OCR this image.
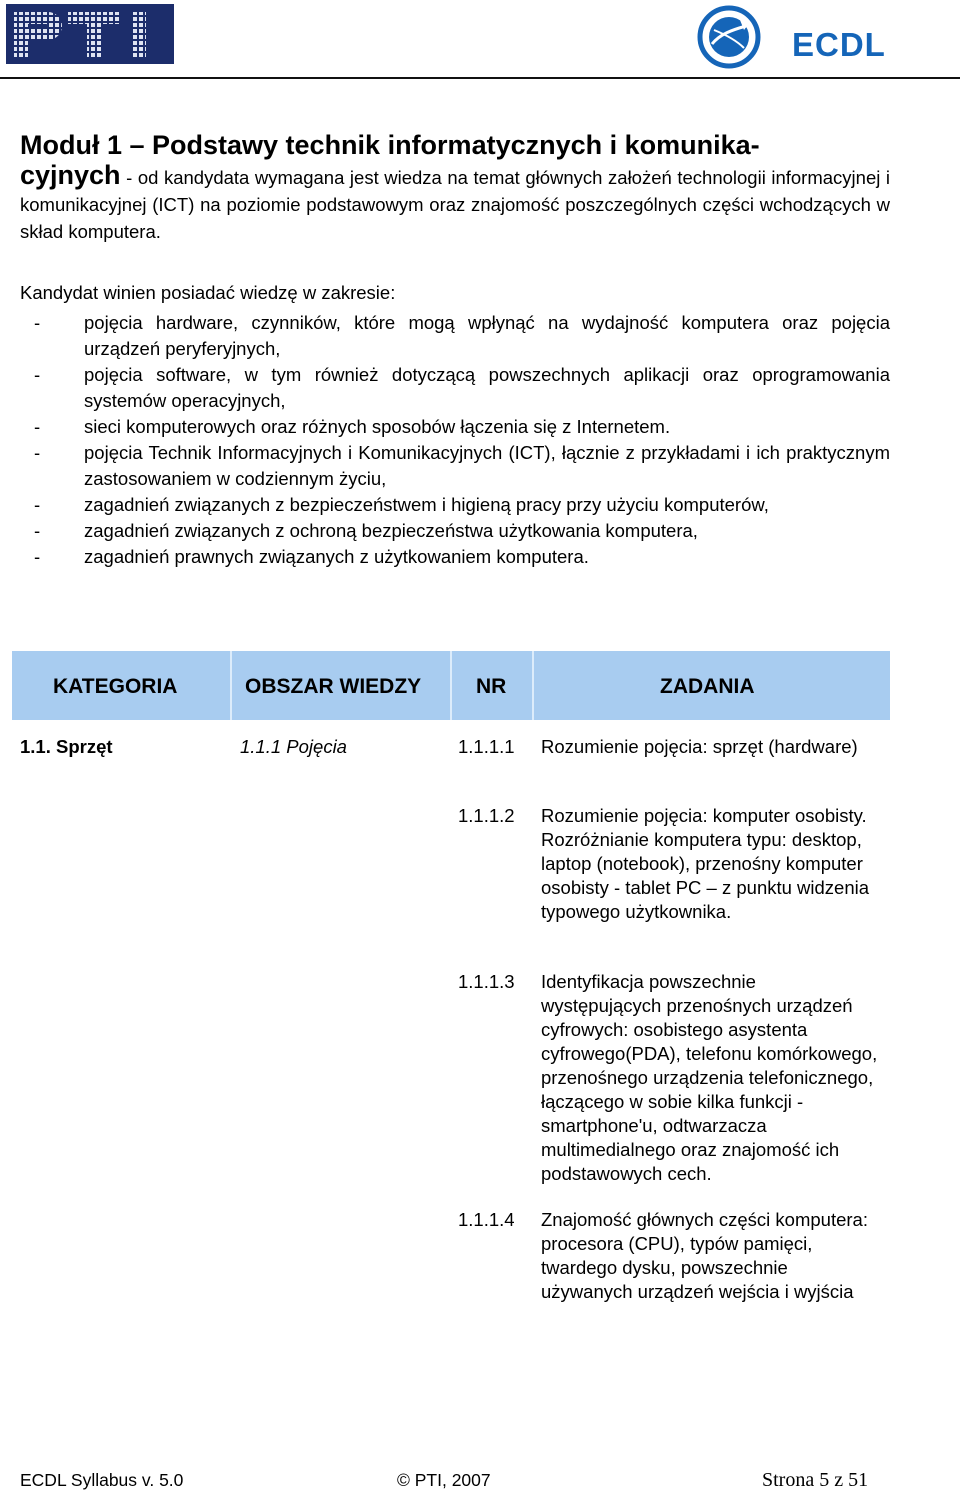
ECDL
Moduł 1 – Podstawy technik informatycznych i komunika-
cyjnych - od kandydata wymagana jest wiedza na temat głównych założeń technologii informacyjnej i komunikacyjnej (ICT) na poziomie podstawowym oraz znajomość poszczególnych części wchodzących w skład komputera.
Kandydat winien posiadać wiedzę w zakresie:
- pojęcia hardware, czynników, które mogą wpłynąć na wydajność komputera oraz pojęcia urządzeń peryferyjnych,
- pojęcia software, w tym również dotyczącą powszechnych aplikacji oraz oprogramowania systemów operacyjnych,
- sieci komputerowych oraz różnych sposobów łączenia się z Internetem.
- pojęcia Technik Informacyjnych i Komunikacyjnych (ICT), łącznie z przykładami i ich praktycznym zastosowaniem w codziennym życiu,
- zagadnień związanych z bezpieczeństwem i higieną pracy przy użyciu komputerów,
- zagadnień związanych z ochroną bezpieczeństwa użytkowania komputera,
- zagadnień prawnych związanych z użytkowaniem komputera.
KATEGORIA	OBSZAR WIEDZY	NR	ZADANIA
1.1. Sprzęt	1.1.1 Pojęcia	1.1.1.1 Rozumienie pojęcia: sprzęt (hardware)
1.1.1.2 Rozumienie pojęcia: komputer osobisty. Rozróżnianie komputera typu: desktop, laptop (notebook), przenośny komputer osobisty - tablet PC – z punktu widzenia typowego użytkownika.
1.1.1.3 Identyfikacja powszechnie występujących przenośnych urządzeń cyfrowych: osobistego asystenta cyfrowego(PDA), telefonu komórkowego, przenośnego urządzenia telefonicznego, łączącego w sobie kilka funkcji - smartphone'u, odtwarzacza multimedialnego oraz znajomość ich podstawowych cech.
1.1.1.4 Znajomość głównych części komputera: procesora (CPU), typów pamięci, twardego dysku, powszechnie używanych urządzeń wejścia i wyjścia
ECDL Syllabus v. 5.0	© PTI, 2007	Strona 5 z 51
